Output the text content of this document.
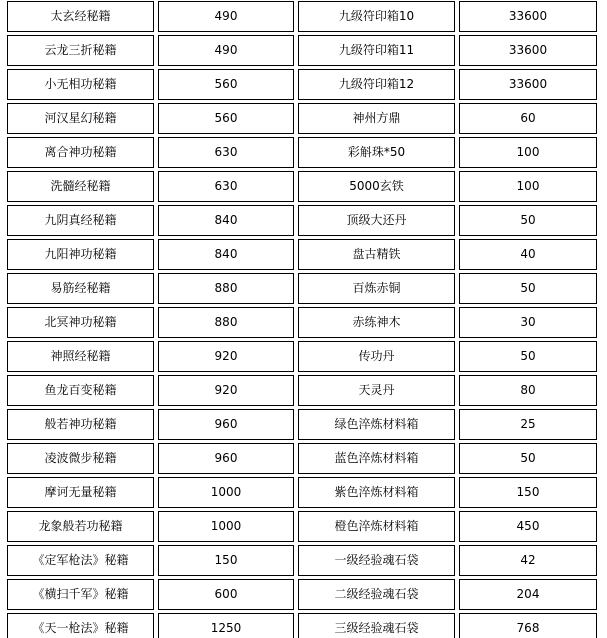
太玄经秘籍	490	九级符印箱10	33600
云龙三折秘籍	490	九级符印箱11	33600
小无相功秘籍	560	九级符印箱12	33600
河汉星幻秘籍	560	神州方鼎	60
离合神功秘籍	630	彩斛珠*50	100
洗髓经秘籍	630	5000玄铁	100
九阴真经秘籍	840	顶级大还丹	50
九阳神功秘籍	840	盘古精铁	40
易筋经秘籍	880	百炼赤铜	50
北冥神功秘籍	880	赤练神木	30
神照经秘籍	920	传功丹	50
鱼龙百变秘籍	920	天灵丹	80
般若神功秘籍	960	绿色淬炼材料箱	25
凌波微步秘籍	960	蓝色淬炼材料箱	50
摩诃无量秘籍	1000	紫色淬炼材料箱	150
龙象般若功秘籍	1000	橙色淬炼材料箱	450
《定军枪法》秘籍	150	一级经验魂石袋	42
《横扫千军》秘籍	600	二级经验魂石袋	204
《天一枪法》秘籍	1250	三级经验魂石袋	768
